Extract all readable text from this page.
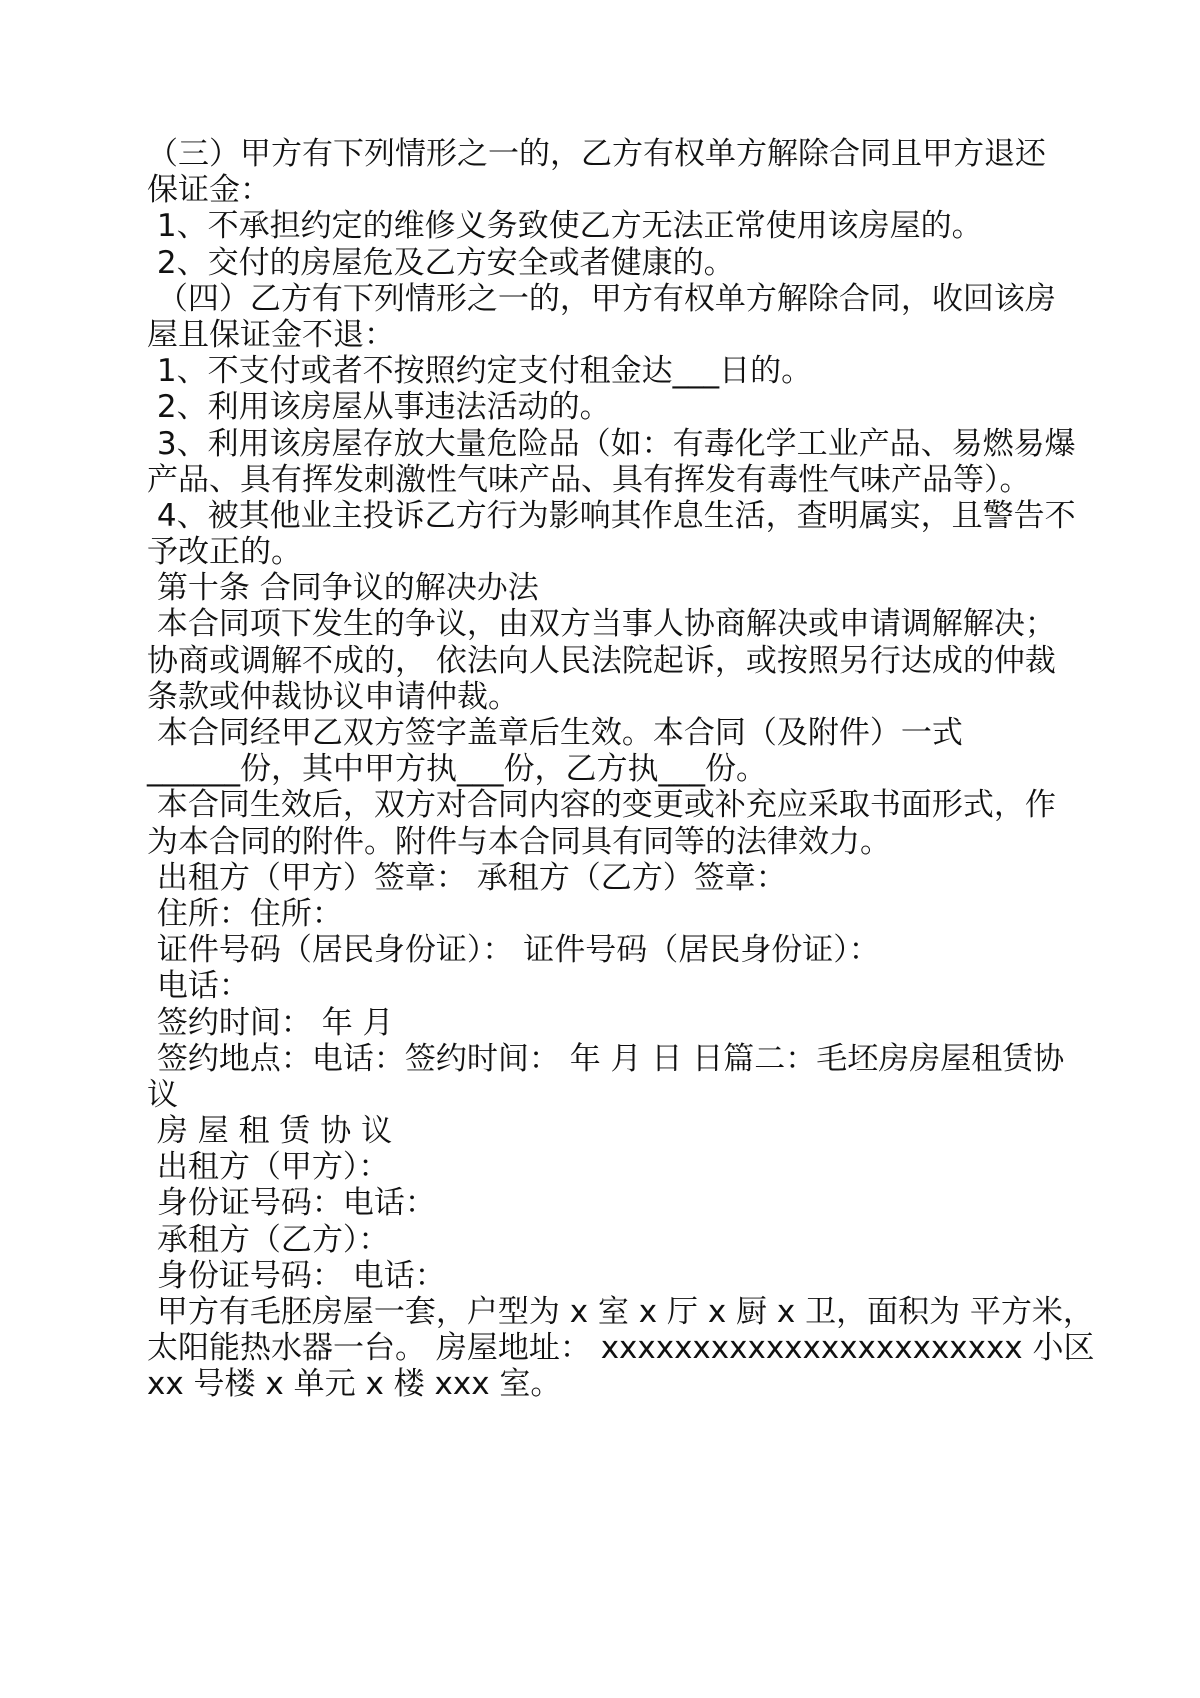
（三）甲方有下列情形之一的，乙方有权单方解除合同且甲方退还
保证金：
1、不承担约定的维修义务致使乙方无法正常使用该房屋的。
2、交付的房屋危及乙方安全或者健康的。
（四）乙方有下列情形之一的，甲方有权单方解除合同，收回该房
屋且保证金不退：
1、不支付或者不按照约定支付租金达___日的。
2、利用该房屋从事违法活动的。
3、利用该房屋存放大量危险品（如：有毒化学工业产品、易燃易爆
产品、具有挥发刺激性气味产品、具有挥发有毒性气味产品等）。
4、被其他业主投诉乙方行为影响其作息生活，查明属实，且警告不
予改正的。
第十条 合同争议的解决办法
本合同项下发生的争议，由双方当事人协商解决或申请调解解决；
协商或调解不成的， 依法向人民法院起诉，或按照另行达成的仲裁
条款或仲裁协议申请仲裁。
本合同经甲乙双方签字盖章后生效。本合同（及附件）一式
______份，其中甲方执___份，乙方执___份。
本合同生效后，双方对合同内容的变更或补充应采取书面形式，作
为本合同的附件。附件与本合同具有同等的法律效力。
出租方（甲方）签章： 承租方（乙方）签章：
住所：住所：
证件号码（居民身份证）： 证件号码（居民身份证）：
电话：
签约时间： 年 月
签约地点：电话：签约时间： 年 月 日 日篇二：毛坯房房屋租赁协
议
房 屋 租 赁 协 议
出租方（甲方）：
身份证号码：电话：
承租方（乙方）：
身份证号码： 电话：
甲方有毛胚房屋一套，户型为 x 室 x 厅 x 厨 x 卫，面积为 平方米，
太阳能热水器一台。 房屋地址： xxxxxxxxxxxxxxxxxxxxxxx 小区
xx 号楼 x 单元 x 楼 xxx 室。
